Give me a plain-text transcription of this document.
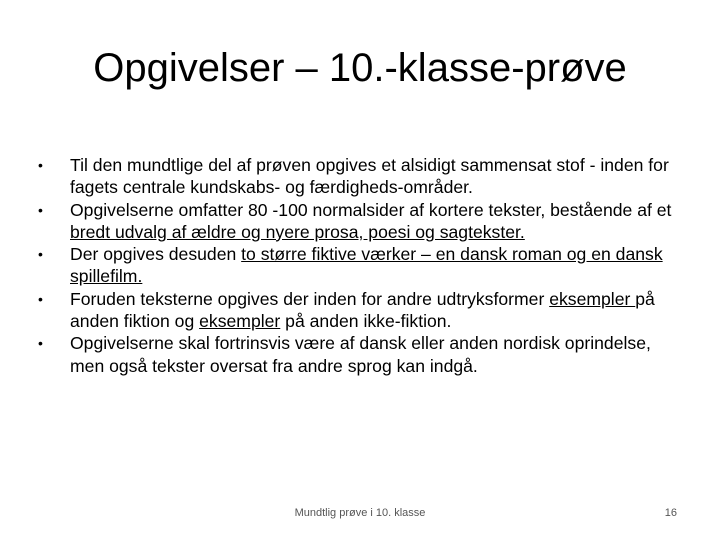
Opgivelser – 10.-klasse-prøve
• Til den mundtlige del af prøven opgives et alsidigt sammensat stof - inden for fagets centrale kundskabs- og færdigheds-områder.
• Opgivelserne omfatter 80 -100 normalsider af kortere tekster, bestående af et bredt udvalg af ældre og nyere prosa, poesi og sagtekster.
• Der opgives desuden to større fiktive værker – en dansk roman og en dansk spillefilm.
• Foruden teksterne opgives der inden for andre udtryksformer eksempler på anden fiktion og eksempler på anden ikke-fiktion.
• Opgivelserne skal fortrinsvis være af dansk eller anden nordisk oprindelse, men også tekster oversat fra andre sprog kan indgå.

Mundtlig prøve i 10. klasse	16
